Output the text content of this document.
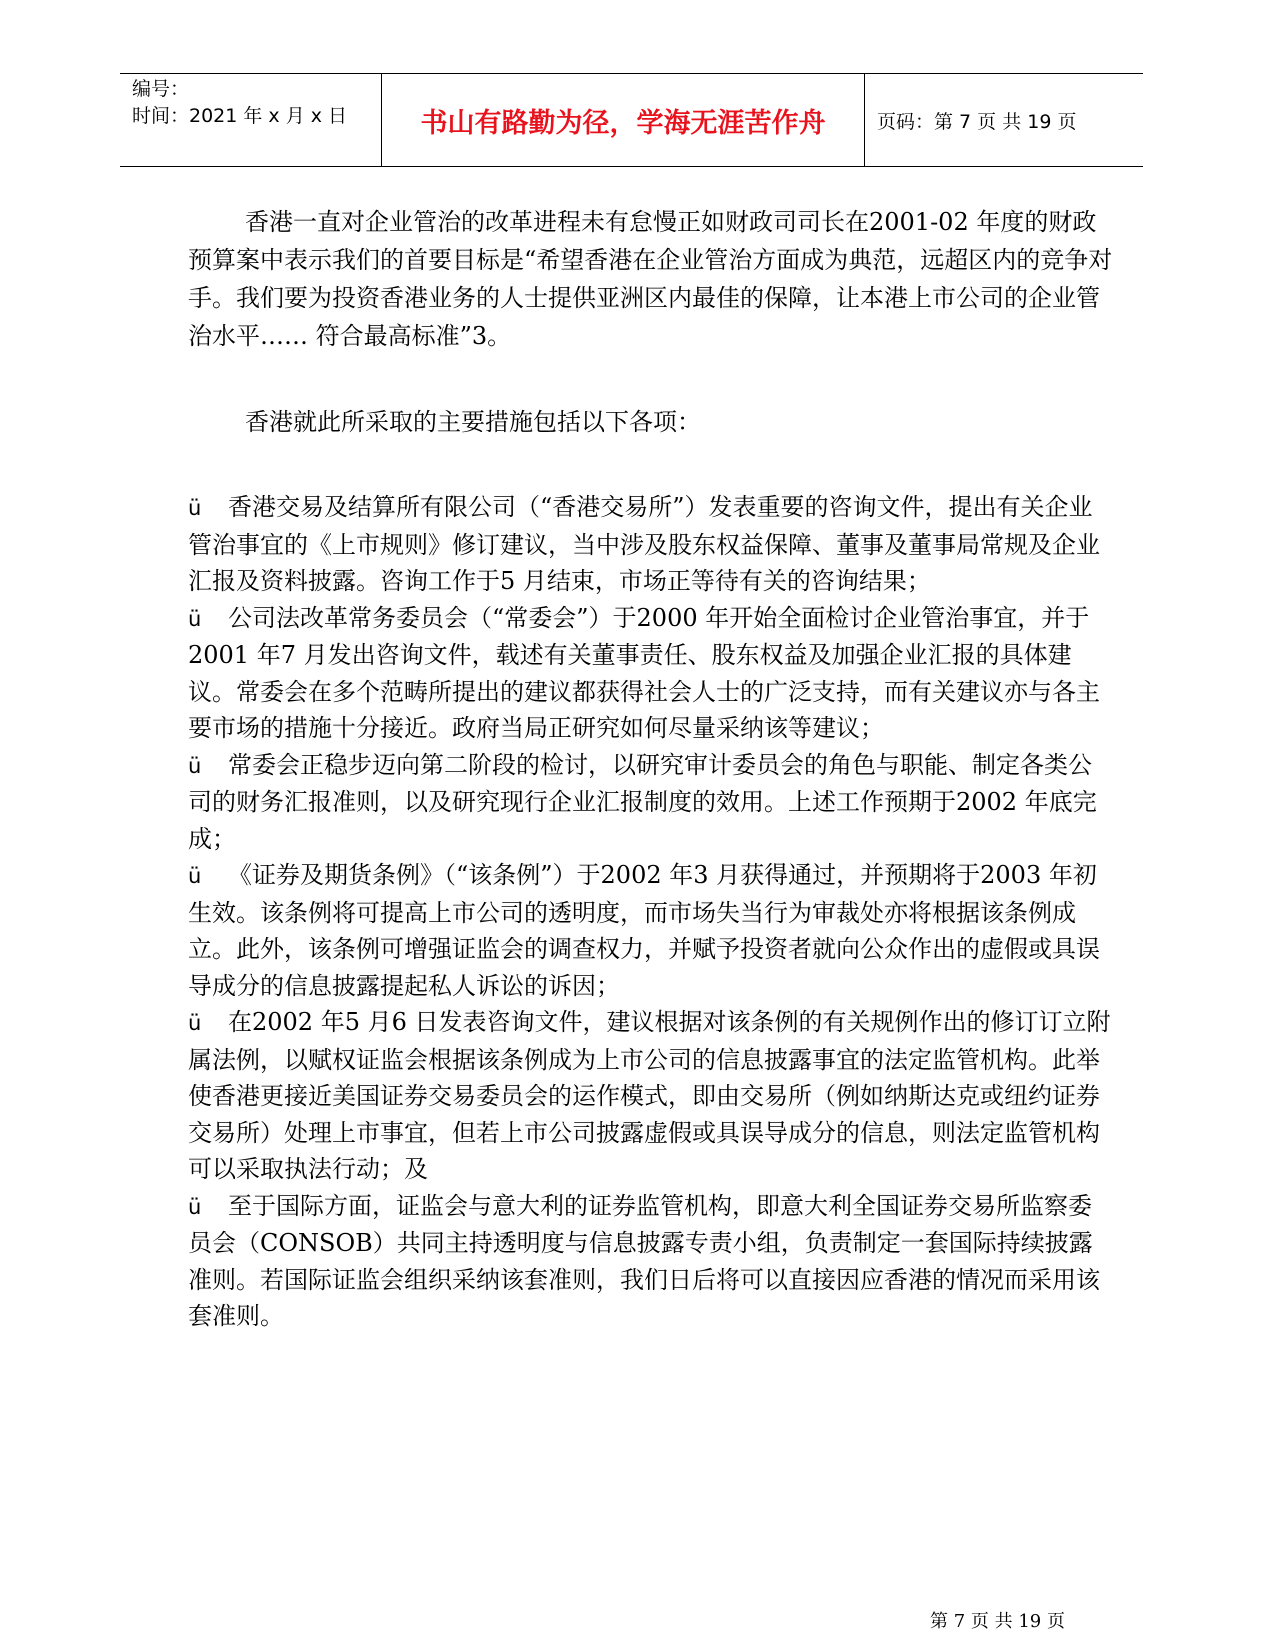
编号：
时间：2021 年 x 月 x 日	书山有路勤为径，学海无涯苦作舟	页码：第 7 页 共 19 页

香港一直对企业管治的改革进程未有怠慢正如财政司司长在2001-02 年度的财政预算案中表示我们的首要目标是“希望香港在企业管治方面成为典范，远超区内的竞争对手。我们要为投资香港业务的人士提供亚洲区内最佳的保障，让本港上市公司的企业管治水平…… 符合最高标准”3。

香港就此所采取的主要措施包括以下各项：

ü 香港交易及结算所有限公司（“香港交易所”）发表重要的咨询文件，提出有关企业管治事宜的《上市规则》修订建议，当中涉及股东权益保障、董事及董事局常规及企业汇报及资料披露。咨询工作于5 月结束，市场正等待有关的咨询结果；

ü 公司法改革常务委员会（“常委会”）于2000 年开始全面检讨企业管治事宜，并于2001 年7 月发出咨询文件，载述有关董事责任、股东权益及加强企业汇报的具体建议。常委会在多个范畴所提出的建议都获得社会人士的广泛支持，而有关建议亦与各主要市场的措施十分接近。政府当局正研究如何尽量采纳该等建议；

ü 常委会正稳步迈向第二阶段的检讨，以研究审计委员会的角色与职能、制定各类公司的财务汇报准则，以及研究现行企业汇报制度的效用。上述工作预期于2002 年底完成；

ü 《证券及期货条例》（“该条例”）于2002 年3 月获得通过，并预期将于2003 年初生效。该条例将可提高上市公司的透明度，而市场失当行为审裁处亦将根据该条例成立。此外，该条例可增强证监会的调查权力，并赋予投资者就向公众作出的虚假或具误导成分的信息披露提起私人诉讼的诉因；

ü 在2002 年5 月6 日发表咨询文件，建议根据对该条例的有关规例作出的修订订立附属法例，以赋权证监会根据该条例成为上市公司的信息披露事宜的法定监管机构。此举使香港更接近美国证券交易委员会的运作模式，即由交易所（例如纳斯达克或纽约证券交易所）处理上市事宜，但若上市公司披露虚假或具误导成分的信息，则法定监管机构可以采取执法行动；及

ü 至于国际方面，证监会与意大利的证券监管机构，即意大利全国证券交易所监察委员会（CONSOB）共同主持透明度与信息披露专责小组，负责制定一套国际持续披露准则。若国际证监会组织采纳该套准则，我们日后将可以直接因应香港的情况而采用该套准则。

第 7 页 共 19 页
